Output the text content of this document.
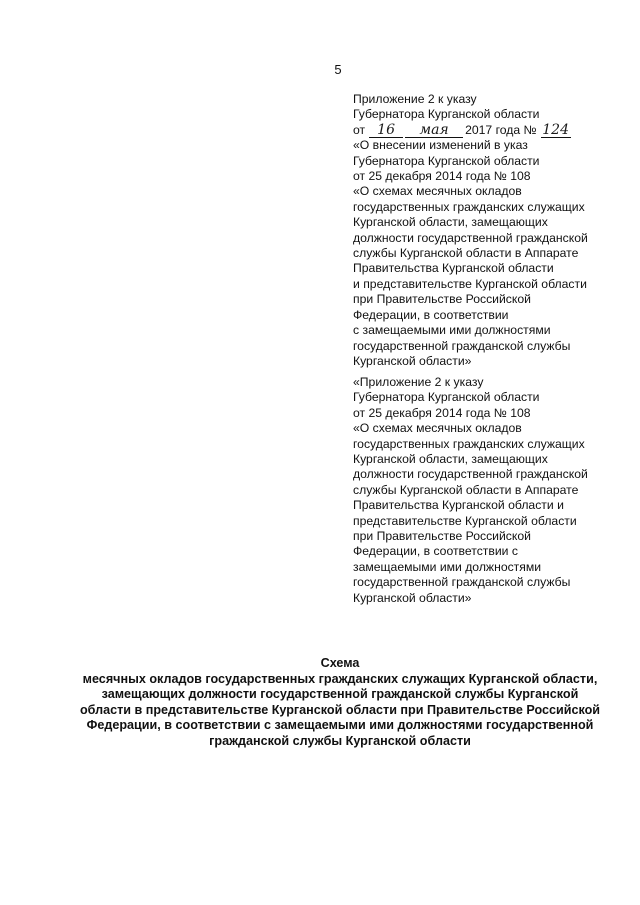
5
Приложение 2 к указу
Губернатора Курганской области
от 16 мая 2017 года № 124
«О внесении изменений в указ
Губернатора Курганской области
от 25 декабря 2014 года № 108
«О схемах месячных окладов
государственных гражданских служащих
Курганской области, замещающих
должности государственной гражданской
службы Курганской области в Аппарате
Правительства Курганской области
и представительстве Курганской области
при Правительстве Российской
Федерации, в соответствии
с замещаемыми ими должностями
государственной гражданской службы
Курганской области»
«Приложение 2 к указу
Губернатора Курганской области
от 25 декабря 2014 года № 108
«О схемах месячных окладов
государственных гражданских служащих
Курганской области, замещающих
должности государственной гражданской
службы Курганской области в Аппарате
Правительства Курганской области и
представительстве Курганской области
при Правительстве Российской
Федерации, в соответствии с
замещаемыми ими должностями
государственной гражданской службы
Курганской области»
Схема
месячных окладов государственных гражданских служащих Курганской области,
замещающих должности государственной гражданской службы Курганской
области в представительстве Курганской области при Правительстве Российской
Федерации, в соответствии с замещаемыми ими должностями государственной
гражданской службы Курганской области
